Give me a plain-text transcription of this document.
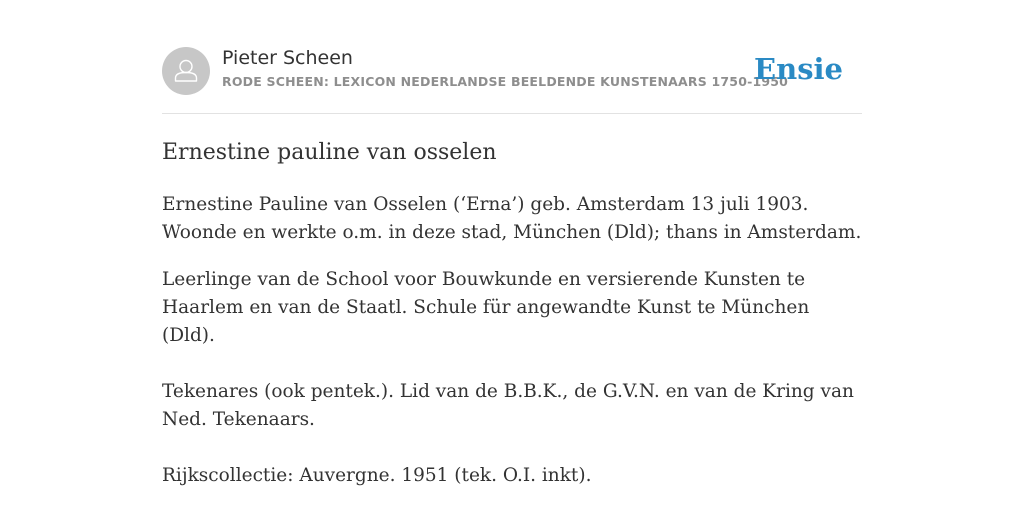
Pieter Scheen
RODE SCHEEN: LEXICON NEDERLANDSE BEELDENDE KUNSTENAARS 1750-1950
Ensie
Ernestine pauline van osselen

Ernestine Pauline van Osselen (‘Erna’) geb. Amsterdam 13 juli 1903. Woonde en werkte o.m. in deze stad, München (Dld); thans in Amsterdam.

Leerlinge van de School voor Bouwkunde en versierende Kunsten te Haarlem en van de Staatl. Schule für angewandte Kunst te München (Dld).

Tekenares (ook pentek.). Lid van de B.B.K., de G.V.N. en van de Kring van Ned. Tekenaars.

Rijkscollectie: Auvergne. 1951 (tek. O.I. inkt).
